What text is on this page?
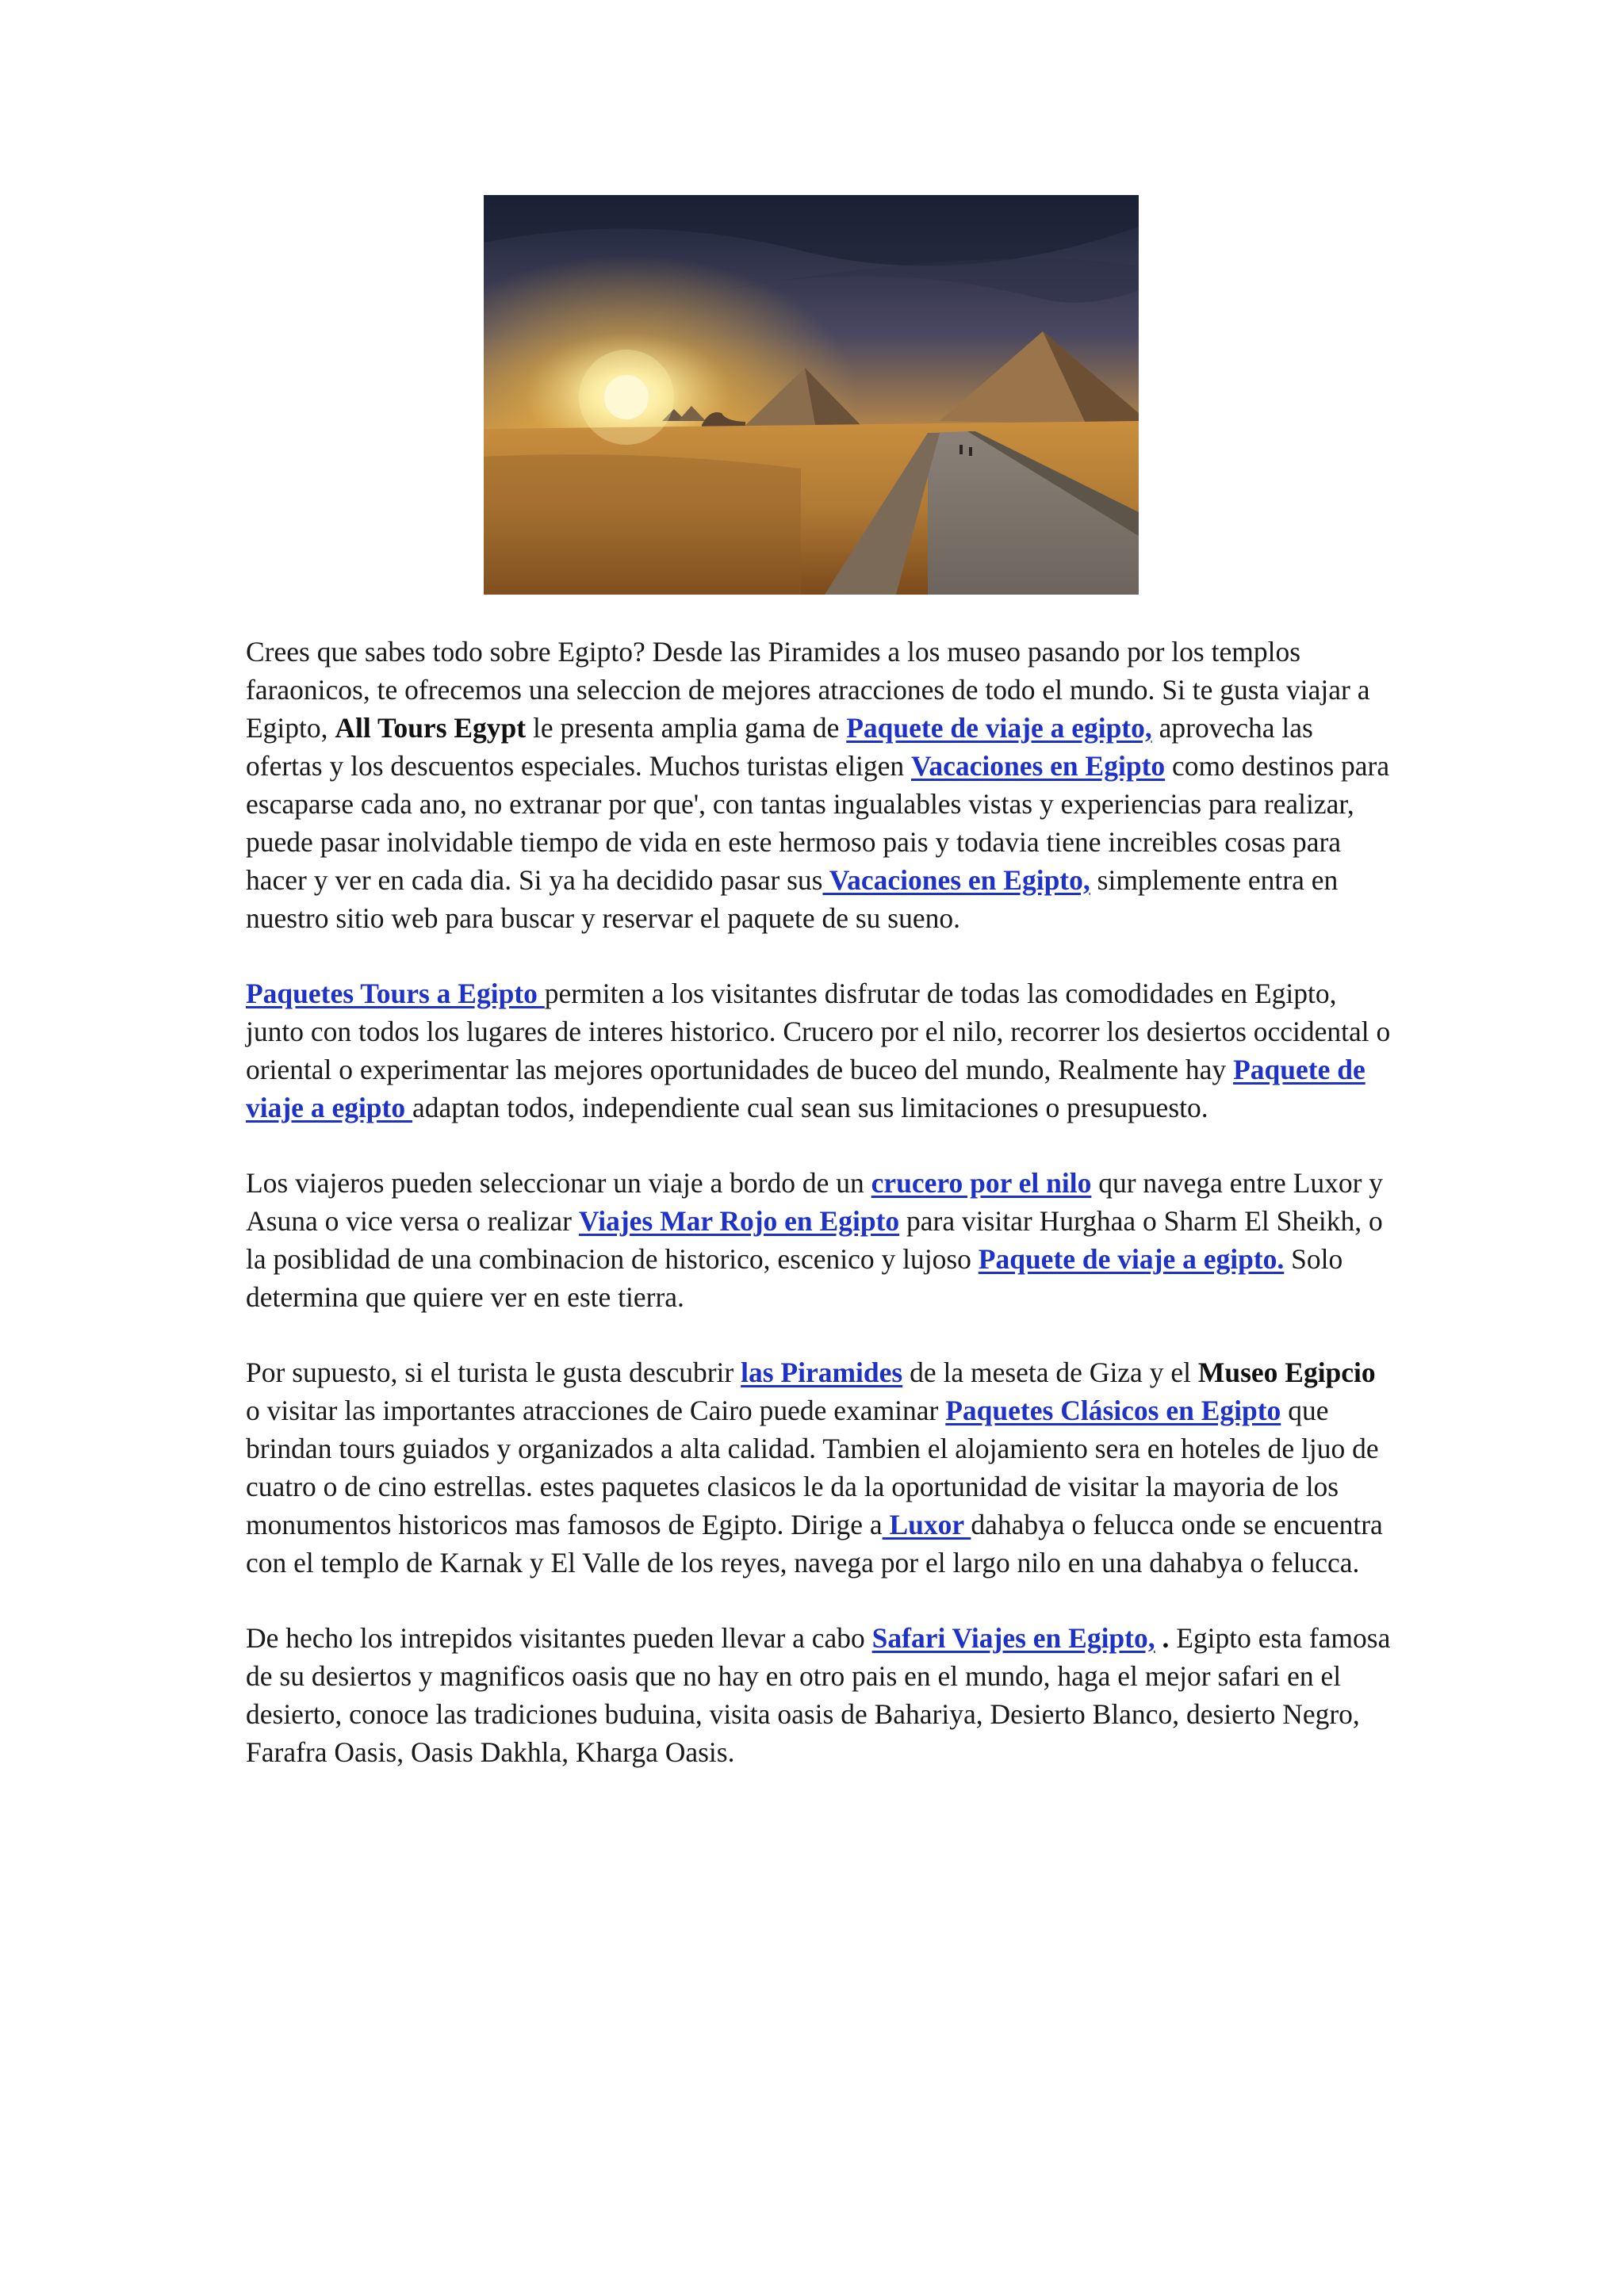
Crees que sabes todo sobre Egipto? Desde las Piramides a los museo pasando por los templos faraonicos, te ofrecemos una seleccion de mejores atracciones de todo el mundo. Si te gusta viajar a Egipto, All Tours Egypt le presenta amplia gama de Paquete de viaje a egipto, aprovecha las ofertas y los descuentos especiales. Muchos turistas eligen Vacaciones en Egipto como destinos para escaparse cada ano, no extranar por que', con tantas ingualables vistas y experiencias para realizar, puede pasar inolvidable tiempo de vida en este hermoso pais y todavia tiene increibles cosas para hacer y ver en cada dia. Si ya ha decidido pasar sus Vacaciones en Egipto, simplemente entra en nuestro sitio web para buscar y reservar el paquete de su sueno.

Paquetes Tours a Egipto permiten a los visitantes disfrutar de todas las comodidades en Egipto, junto con todos los lugares de interes historico. Crucero por el nilo, recorrer los desiertos occidental o oriental o experimentar las mejores oportunidades de buceo del mundo, Realmente hay Paquete de viaje a egipto adaptan todos, independiente cual sean sus limitaciones o presupuesto.

Los viajeros pueden seleccionar un viaje a bordo de un crucero por el nilo qur navega entre Luxor y Asuna o vice versa o realizar Viajes Mar Rojo en Egipto para visitar Hurghaa o Sharm El Sheikh, o la posiblidad de una combinacion de historico, escenico y lujoso Paquete de viaje a egipto. Solo determina que quiere ver en este tierra.

Por supuesto, si el turista le gusta descubrir las Piramides de la meseta de Giza y el Museo Egipcio o visitar las importantes atracciones de Cairo puede examinar Paquetes Clásicos en Egipto que brindan tours guiados y organizados a alta calidad. Tambien el alojamiento sera en hoteles de ljuo de cuatro o de cino estrellas. estes paquetes clasicos le da la oportunidad de visitar la mayoria de los monumentos historicos mas famosos de Egipto. Dirige a Luxor dahabya o felucca onde se encuentra con el templo de Karnak y El Valle de los reyes, navega por el largo nilo en una dahabya o felucca.

De hecho los intrepidos visitantes pueden llevar a cabo Safari Viajes en Egipto, . Egipto esta famosa de su desiertos y magnificos oasis que no hay en otro pais en el mundo, haga el mejor safari en el desierto, conoce las tradiciones buduina, visita oasis de Bahariya, Desierto Blanco, desierto Negro, Farafra Oasis, Oasis Dakhla, Kharga Oasis.
